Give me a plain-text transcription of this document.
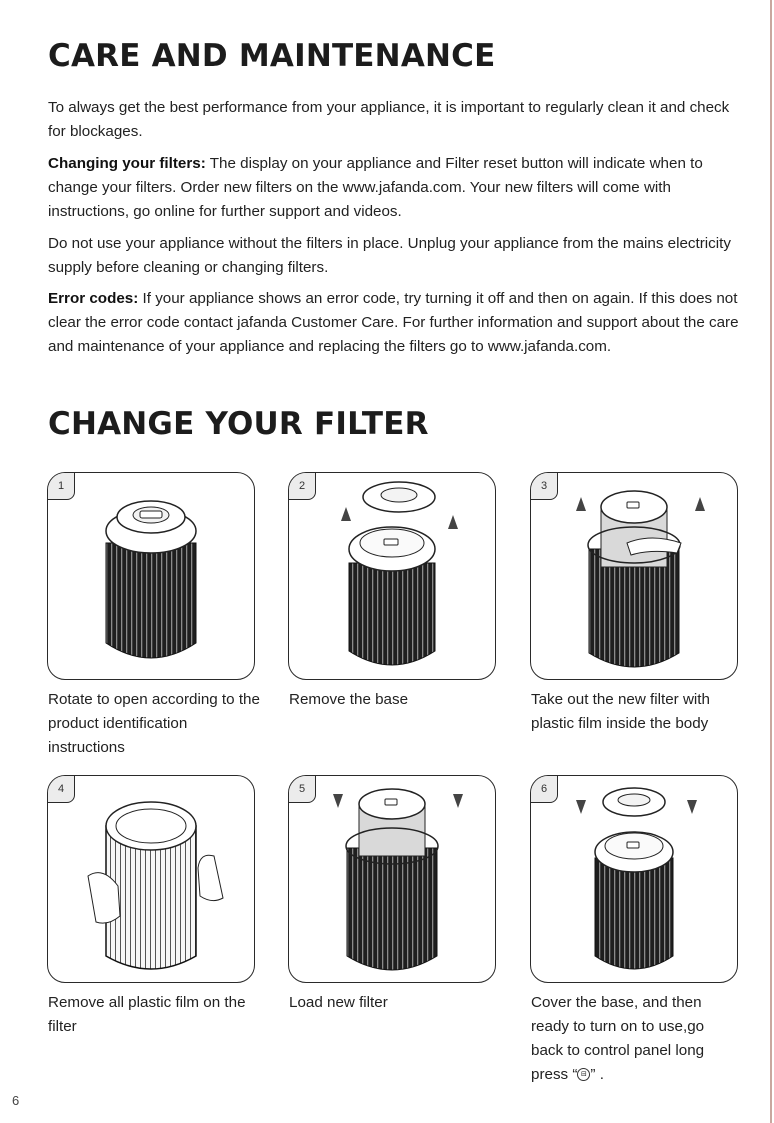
CARE AND MAINTENANCE

To always get the best performance from your appliance, it is important to regularly clean it and check for blockages.

Changing your filters: The display on your appliance and Filter reset button will indicate when to change your filters. Order new filters on the www.jafanda.com. Your new filters will come with instructions, go online for further support and videos.

Do not use your appliance without the filters in place. Unplug your appliance from the mains electricity supply before cleaning or changing filters.

Error codes: If your appliance shows an error code, try turning it off and then on again. If this does not clear the error code contact jafanda Customer Care. For further information and support about the care and maintenance of your appliance and replacing the filters go to www.jafanda.com.

CHANGE YOUR FILTER
1	2	3

Rotate to open according to the product identification instructions

Remove the base	Take out the new filter with plastic film inside the body

4	5	6

Remove all plastic film on the filter

Load new filter	Cover the base, and then ready to turn on to use,go back to control panel long press “ ⊟ ” .

6
